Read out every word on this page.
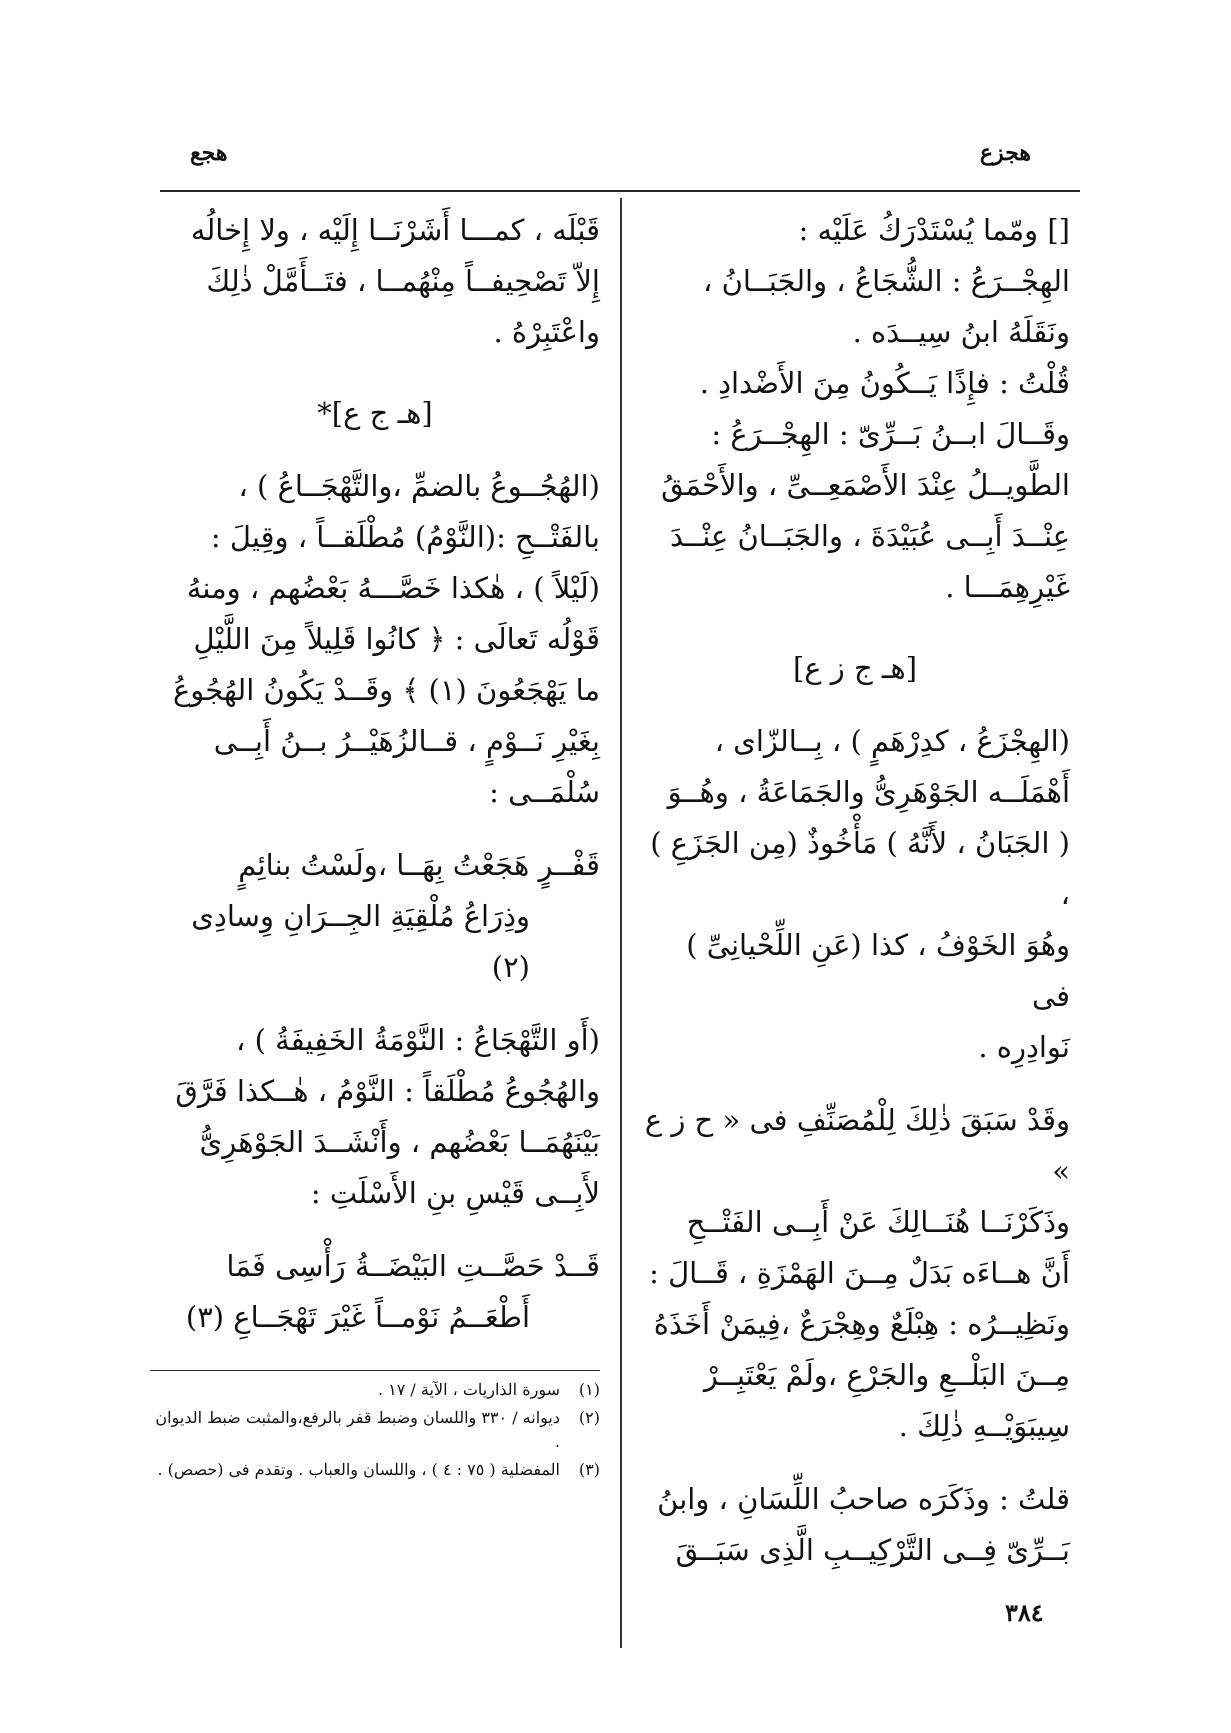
هجزع
هجع

[] ومّما يُسْتَدْرَكُ عَلَيْه :

الهِجْــرَعُ : الشُّجَاعُ ، والجَبَــانُ ،

ونَقَلَهُ ابنُ سِيــدَه .

قُلْتُ : فإِذًا يَــكُونُ مِنَ الأَضْدادِ .

وقَــالَ ابــنُ بَــرِّىّ : الهِجْــرَعُ :

الطَّويــلُ عِنْدَ الأَصْمَعِــىِّ ، والأَحْمَقُ

عِنْــدَ أَبِــى عُبَيْدَةَ ، والجَبَــانُ عِنْــدَ

غَيْرِهِمَـــا .

[هـ ج ز ع]

(الهِجْزَعُ ، كدِرْهَمٍ ) ، بِــالزّاى ،

أَهْمَلَــه الجَوْهَرِىُّ والجَمَاعَةُ ، وهُــوَ

( الجَبَانُ ، لأَنَّهُ ) مَأْخُوذٌ (مِن الجَزَعِ ) ،

وهُوَ الخَوْفُ ، كذا (عَنِ اللِّحْيانِىِّ ) فى

نَوادِرِه .

وقَدْ سَبَقَ ذٰلِكَ لِلْمُصَنِّفِ فى « ح ز ع »

وذَكَرْنَــا هُنَــالِكَ عَنْ أَبِــى الفَتْــحِ

أَنَّ هــاءَه بَدَلٌ مِــنَ الهَمْزَةِ ، قَــالَ :

ونَظِيــرُه : هِبْلَعٌ وهِجْرَعٌ ،فِيمَنْ أَخَذَهُ

مِــنَ البَلْــعِ والجَرْعِ ،ولَمْ يَعْتَبِــرْ

سِيبَوَيْــهِ ذٰلِكَ .

قلتُ : وذَكَرَه صاحبُ اللِّسَانِ ، وابنُ

بَــرِّىّ فِــى التَّرْكِيــبِ الَّذِى سَبَــقَ

قَبْلَه ، كمـــا أَشَرْنَــا إِلَيْه ، ولا إِخالُه

إِلاّ تَصْحِيفــاً مِنْهُمــا ، فتَــأَمَّلْ ذٰلِكَ

واعْتَبِرْهُ .

[هـ ج ع]*

(الهُجُــوعُ بالضمِّ ،والتَّهْجَــاعُ ) ،

بالفَتْــحِ :(النَّوْمُ) مُطْلَقــاً ، وقِيلَ :

(لَيْلاً ) ، هٰكذا خَصَّـــهُ بَعْضُهم ، ومنهُ

قَوْلُه تَعالَى : ﴿ كانُوا قَلِيلاً مِنَ اللَّيْلِ

ما يَهْجَعُونَ (١) ﴾ وقَــدْ يَكُونُ الهُجُوعُ

بِغَيْرِ نَــوْمٍ ، قــالزُهَيْــرُ بــنُ أَبِــى

سُلْمَــى :

قَفْــرٍ هَجَعْتُ بِهَــا ،ولَسْتُ بنائِمٍ

وذِرَاعُ مُلْقِيَةِ الجِــرَانِ وِسادِى (٢)

(أَو التَّهْجَاعُ : النَّوْمَةُ الخَفِيفَةُ ) ،

والهُجُوعُ مُطْلَقاً : النَّوْمُ ، هٰــكذا فَرَّقَ

بَيْنَهُمَــا بَعْضُهم ، وأَنْشَــدَ الجَوْهَرِىُّ

لأَبِــى قَيْسِ بنِ الأَسْلَتِ :

قَــدْ حَصَّــتِ البَيْضَــةُ رَأْسِى فَمَا

أَطْعَــمُ نَوْمــاً غَيْرَ تَهْجَــاعِ (٣)

(١)
سورة الذاريات ، الآية / ١٧ .
(٢)
ديوانه / ٣٣٠ واللسان وضبط قفر بالرفع،والمثبت ضبط الديوان .
(٣)
المفضلية ( ٧٥ : ٤ ) ، واللسان والعباب . وتقدم فى (حصص) .
٣٨٤
